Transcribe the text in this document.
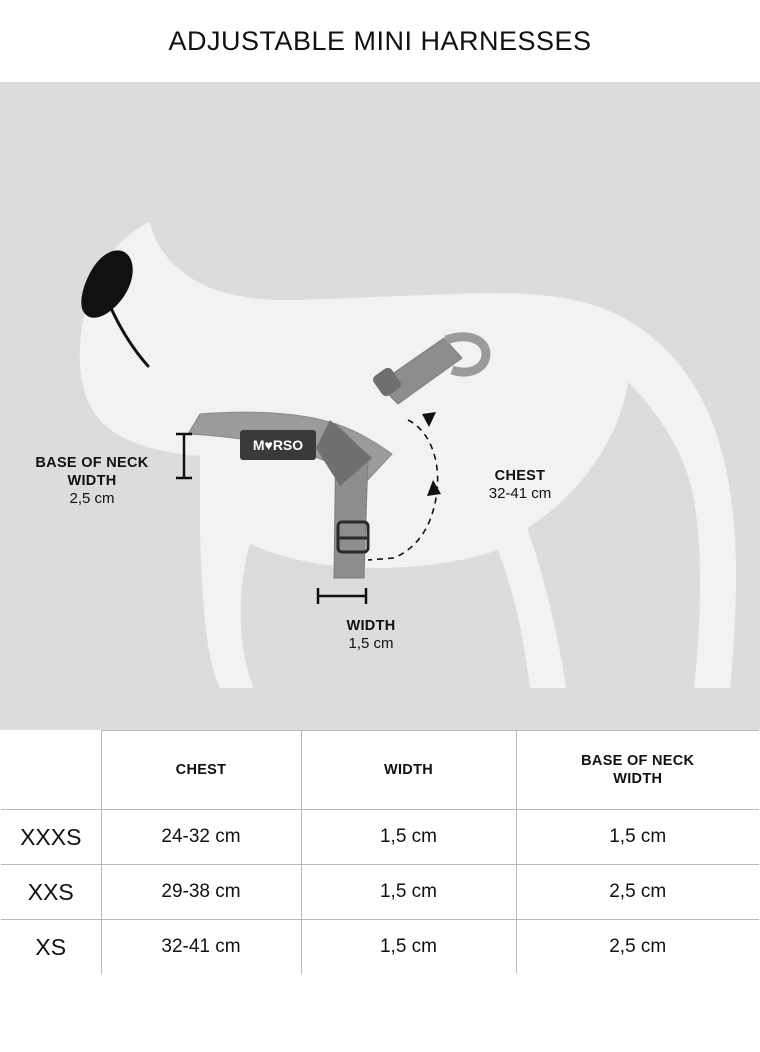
ADJUSTABLE MINI HARNESSES
M♥RSO
BASE OF NECK
WIDTH
2,5 cm
CHEST
32-41 cm
WIDTH
1,5 cm
	CHEST	WIDTH	BASE OF NECK
WIDTH
XXXS	24-32 cm	1,5 cm	1,5 cm
XXS	29-38 cm	1,5 cm	2,5 cm
XS	32-41 cm	1,5 cm	2,5 cm
